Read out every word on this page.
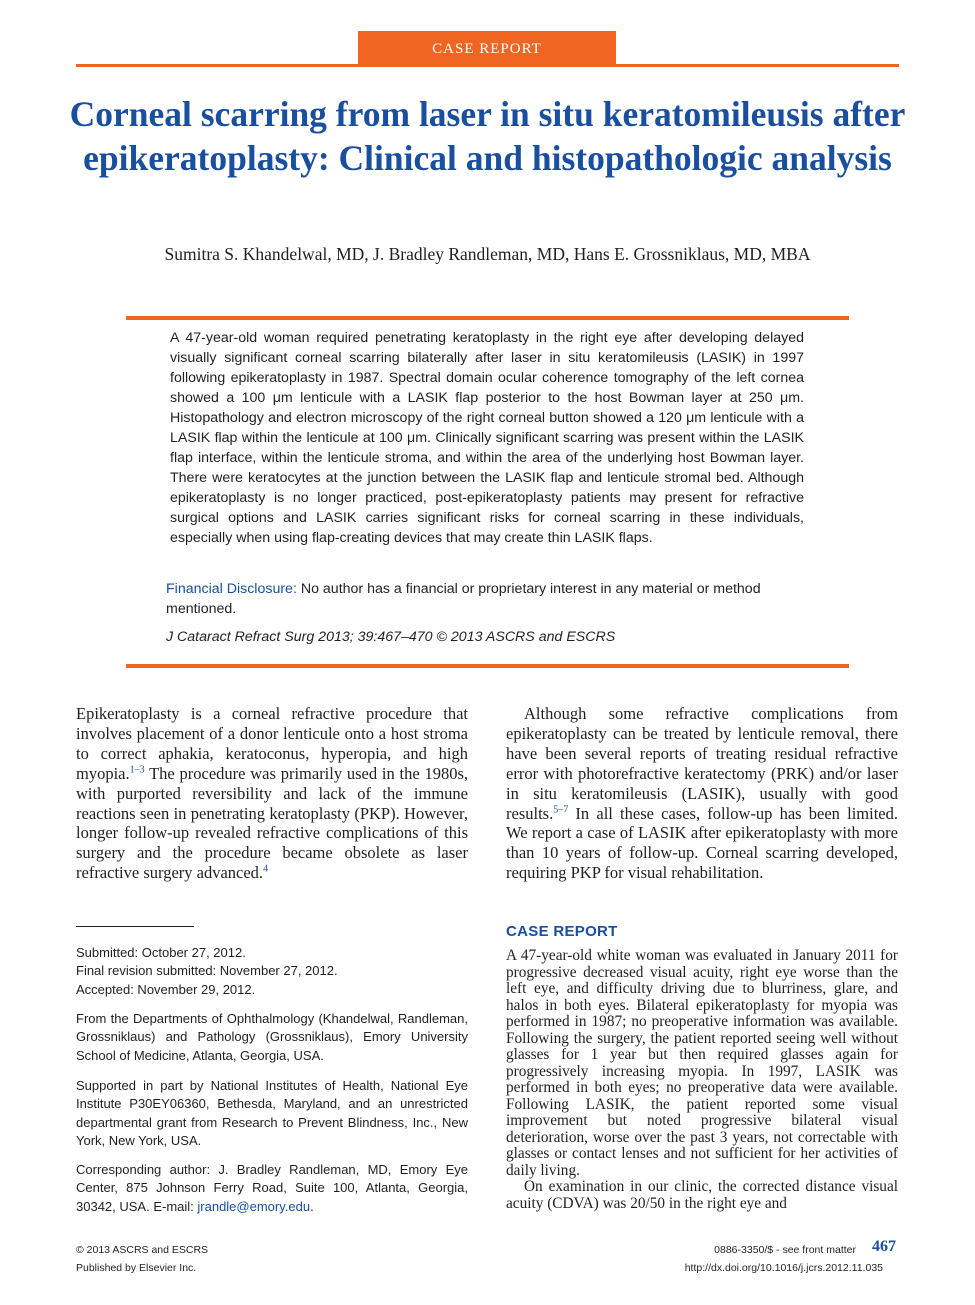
CASE REPORT
Corneal scarring from laser in situ keratomileusis after epikeratoplasty: Clinical and histopathologic analysis
Sumitra S. Khandelwal, MD, J. Bradley Randleman, MD, Hans E. Grossniklaus, MD, MBA
A 47-year-old woman required penetrating keratoplasty in the right eye after developing delayed visually significant corneal scarring bilaterally after laser in situ keratomileusis (LASIK) in 1997 following epikeratoplasty in 1987. Spectral domain ocular coherence tomography of the left cornea showed a 100 μm lenticule with a LASIK flap posterior to the host Bowman layer at 250 μm. Histopathology and electron microscopy of the right corneal button showed a 120 μm lenticule with a LASIK flap within the lenticule at 100 μm. Clinically significant scarring was present within the LASIK flap interface, within the lenticule stroma, and within the area of the underlying host Bowman layer. There were keratocytes at the junction between the LASIK flap and lenticule stromal bed. Although epikeratoplasty is no longer practiced, post-epikeratoplasty patients may present for refractive surgical options and LASIK carries significant risks for corneal scarring in these individuals, especially when using flap-creating devices that may create thin LASIK flaps.
Financial Disclosure: No author has a financial or proprietary interest in any material or method mentioned.
J Cataract Refract Surg 2013; 39:467–470 © 2013 ASCRS and ESCRS
Epikeratoplasty is a corneal refractive procedure that involves placement of a donor lenticule onto a host stroma to correct aphakia, keratoconus, hyperopia, and high myopia.$^{1-3}$ The procedure was primarily used in the 1980s, with purported reversibility and lack of the immune reactions seen in penetrating keratoplasty (PKP). However, longer follow-up revealed refractive complications of this surgery and the procedure became obsolete as laser refractive surgery advanced.$^4$
Submitted: October 27, 2012.
Final revision submitted: November 27, 2012.
Accepted: November 29, 2012.
From the Departments of Ophthalmology (Khandelwal, Randleman, Grossniklaus) and Pathology (Grossniklaus), Emory University School of Medicine, Atlanta, Georgia, USA.
Supported in part by National Institutes of Health, National Eye Institute P30EY06360, Bethesda, Maryland, and an unrestricted departmental grant from Research to Prevent Blindness, Inc., New York, New York, USA.
Corresponding author: J. Bradley Randleman, MD, Emory Eye Center, 875 Johnson Ferry Road, Suite 100, Atlanta, Georgia, 30342, USA. E-mail: jrandle@emory.edu.
Although some refractive complications from epikeratoplasty can be treated by lenticule removal, there have been several reports of treating residual refractive error with photorefractive keratectomy (PRK) and/or laser in situ keratomileusis (LASIK), usually with good results.$^{5-7}$ In all these cases, follow-up has been limited. We report a case of LASIK after epikeratoplasty with more than 10 years of follow-up. Corneal scarring developed, requiring PKP for visual rehabilitation.
CASE REPORT

A 47-year-old white woman was evaluated in January 2011 for progressive decreased visual acuity, right eye worse than the left eye, and difficulty driving due to blurriness, glare, and halos in both eyes. Bilateral epikeratoplasty for myopia was performed in 1987; no preoperative information was available. Following the surgery, the patient reported seeing well without glasses for 1 year but then required glasses again for progressively increasing myopia. In 1997, LASIK was performed in both eyes; no preoperative data were available. Following LASIK, the patient reported some visual improvement but noted progressive bilateral visual deterioration, worse over the past 3 years, not correctable with glasses or contact lenses and not sufficient for her activities of daily living.

On examination in our clinic, the corrected distance visual acuity (CDVA) was 20/50 in the right eye and

© 2013 ASCRS and ESCRS
Published by Elsevier Inc.
0886-3350/$ - see front matter
http://dx.doi.org/10.1016/j.jcrs.2012.11.035
467
